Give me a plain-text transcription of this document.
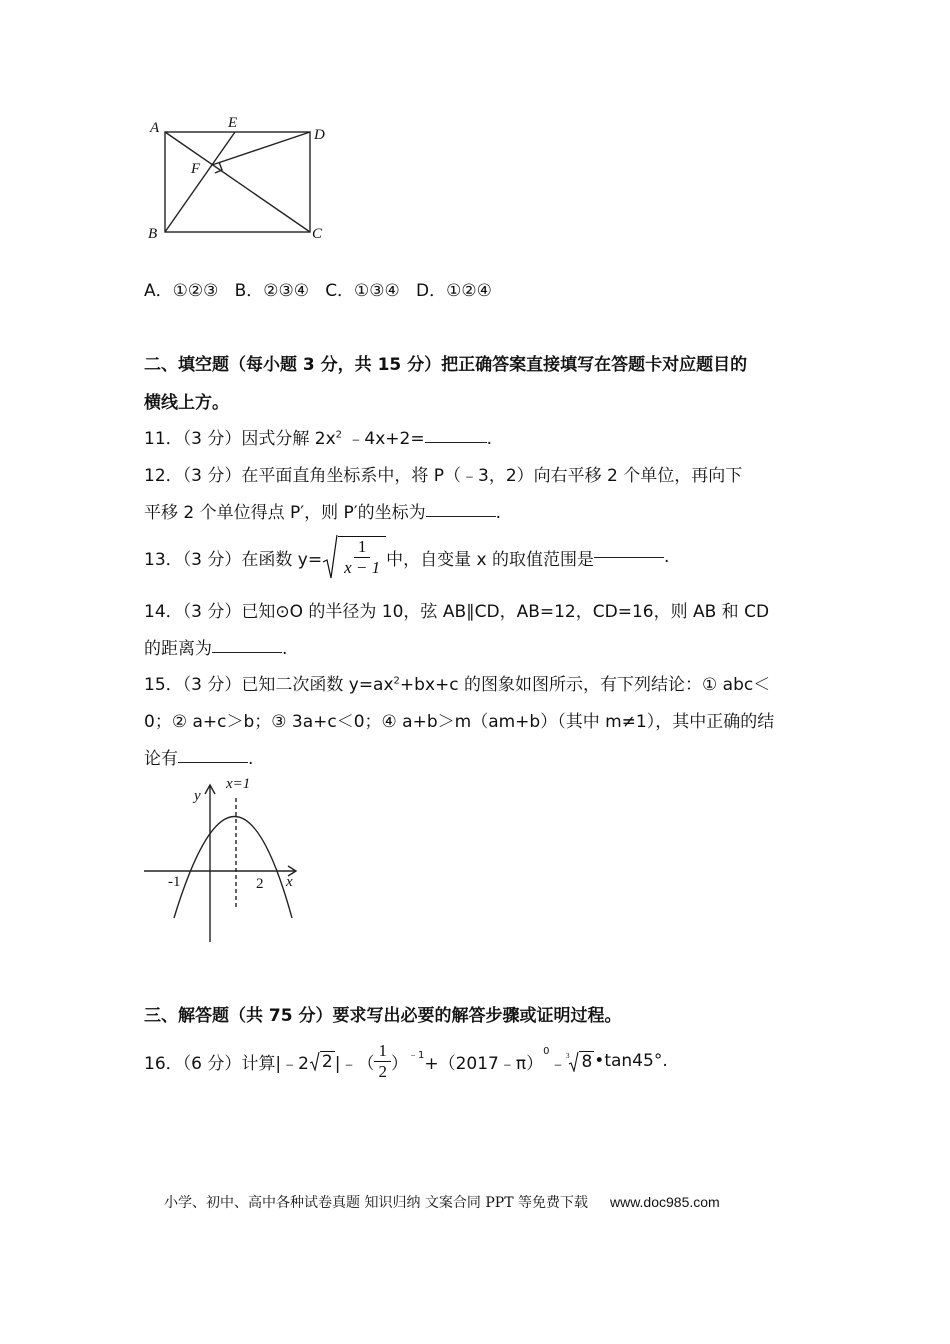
A	E
D
F
B	C
A．①②③ B．②③④ C．①③④ D．①②④
二、填空题（每小题 3 分，共 15 分）把正确答案直接填写在答题卡对应题目的
横线上方。
11．（3 分）因式分解 $2x^2$ ﹣4x+2=	.
12．（3 分）在平面直角坐标系中，将 P（﹣3，2）向右平移 2 个单位，再向下
平移 2 个单位得点 P′，则 P′的坐标为	.
13．（3 分）在函数 $y= \frac{1}{x - 1}$ 中，自变量 x 的取值范围是	.
14．（3 分）已知⊙O 的半径为 10，弦 AB∥CD，AB=12，CD=16，则 AB 和 CD
的距离为	.
15．（3 分）已知二次函数 $y=ax^2+bx+c$ 的图象如图所示，有下列结论：① abc＜
0；② a+c＞b；③ 3a+c＜0；④ a+b＞m（am+b）（其中 m≠1），其中正确的结
论有	.
y
x=1
-1	2 x
三、解答题（共 75 分）要求写出必要的解答步骤或证明过程。
16．（6 分）计算|﹣2 2 |﹣（ $\frac{1}{2} )^{﹣1}$ +（2017﹣π）
$^0$
﹣ 3 8 •tan45°.
小学、初中、高中各种试卷真题 知识归纳 文案合同 PPT 等免费下载 www.doc985.com
